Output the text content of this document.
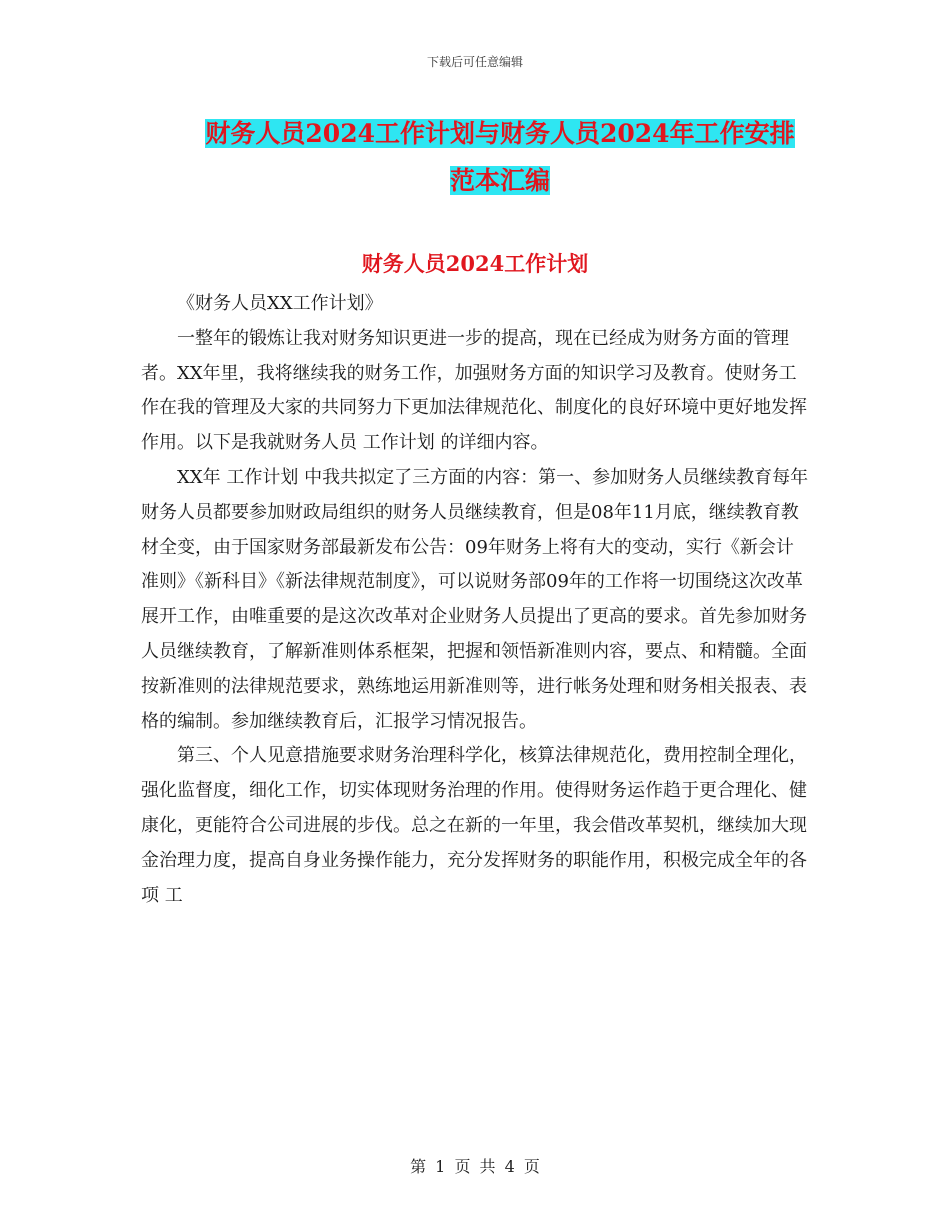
下载后可任意编辑
财务人员2024工作计划与财务人员2024年工作安排
范本汇编
财务人员2024工作计划

《财务人员XX工作计划》

一整年的锻炼让我对财务知识更进一步的提高，现在已经成为财务方面的管理者。XX年里，我将继续我的财务工作，加强财务方面的知识学习及教育。使财务工作在我的管理及大家的共同努力下更加法律规范化、制度化的良好环境中更好地发挥作用。以下是我就财务人员 工作计划 的详细内容。

XX年 工作计划 中我共拟定了三方面的内容：第一、参加财务人员继续教育每年财务人员都要参加财政局组织的财务人员继续教育，但是08年11月底，继续教育教材全变，由于国家财务部最新发布公告：09年财务上将有大的变动，实行《新会计准则》《新科目》《新法律规范制度》，可以说财务部09年的工作将一切围绕这次改革展开工作，由唯重要的是这次改革对企业财务人员提出了更高的要求。首先参加财务人员继续教育，了解新准则体系框架，把握和领悟新准则内容，要点、和精髓。全面按新准则的法律规范要求，熟练地运用新准则等，进行帐务处理和财务相关报表、表格的编制。参加继续教育后，汇报学习情况报告。

第三、个人见意措施要求财务治理科学化，核算法律规范化，费用控制全理化，强化监督度，细化工作，切实体现财务治理的作用。使得财务运作趋于更合理化、健康化，更能符合公司进展的步伐。总之在新的一年里，我会借改革契机，继续加大现金治理力度，提高自身业务操作能力，充分发挥财务的职能作用，积极完成全年的各项 工

第 1 页 共 4 页
